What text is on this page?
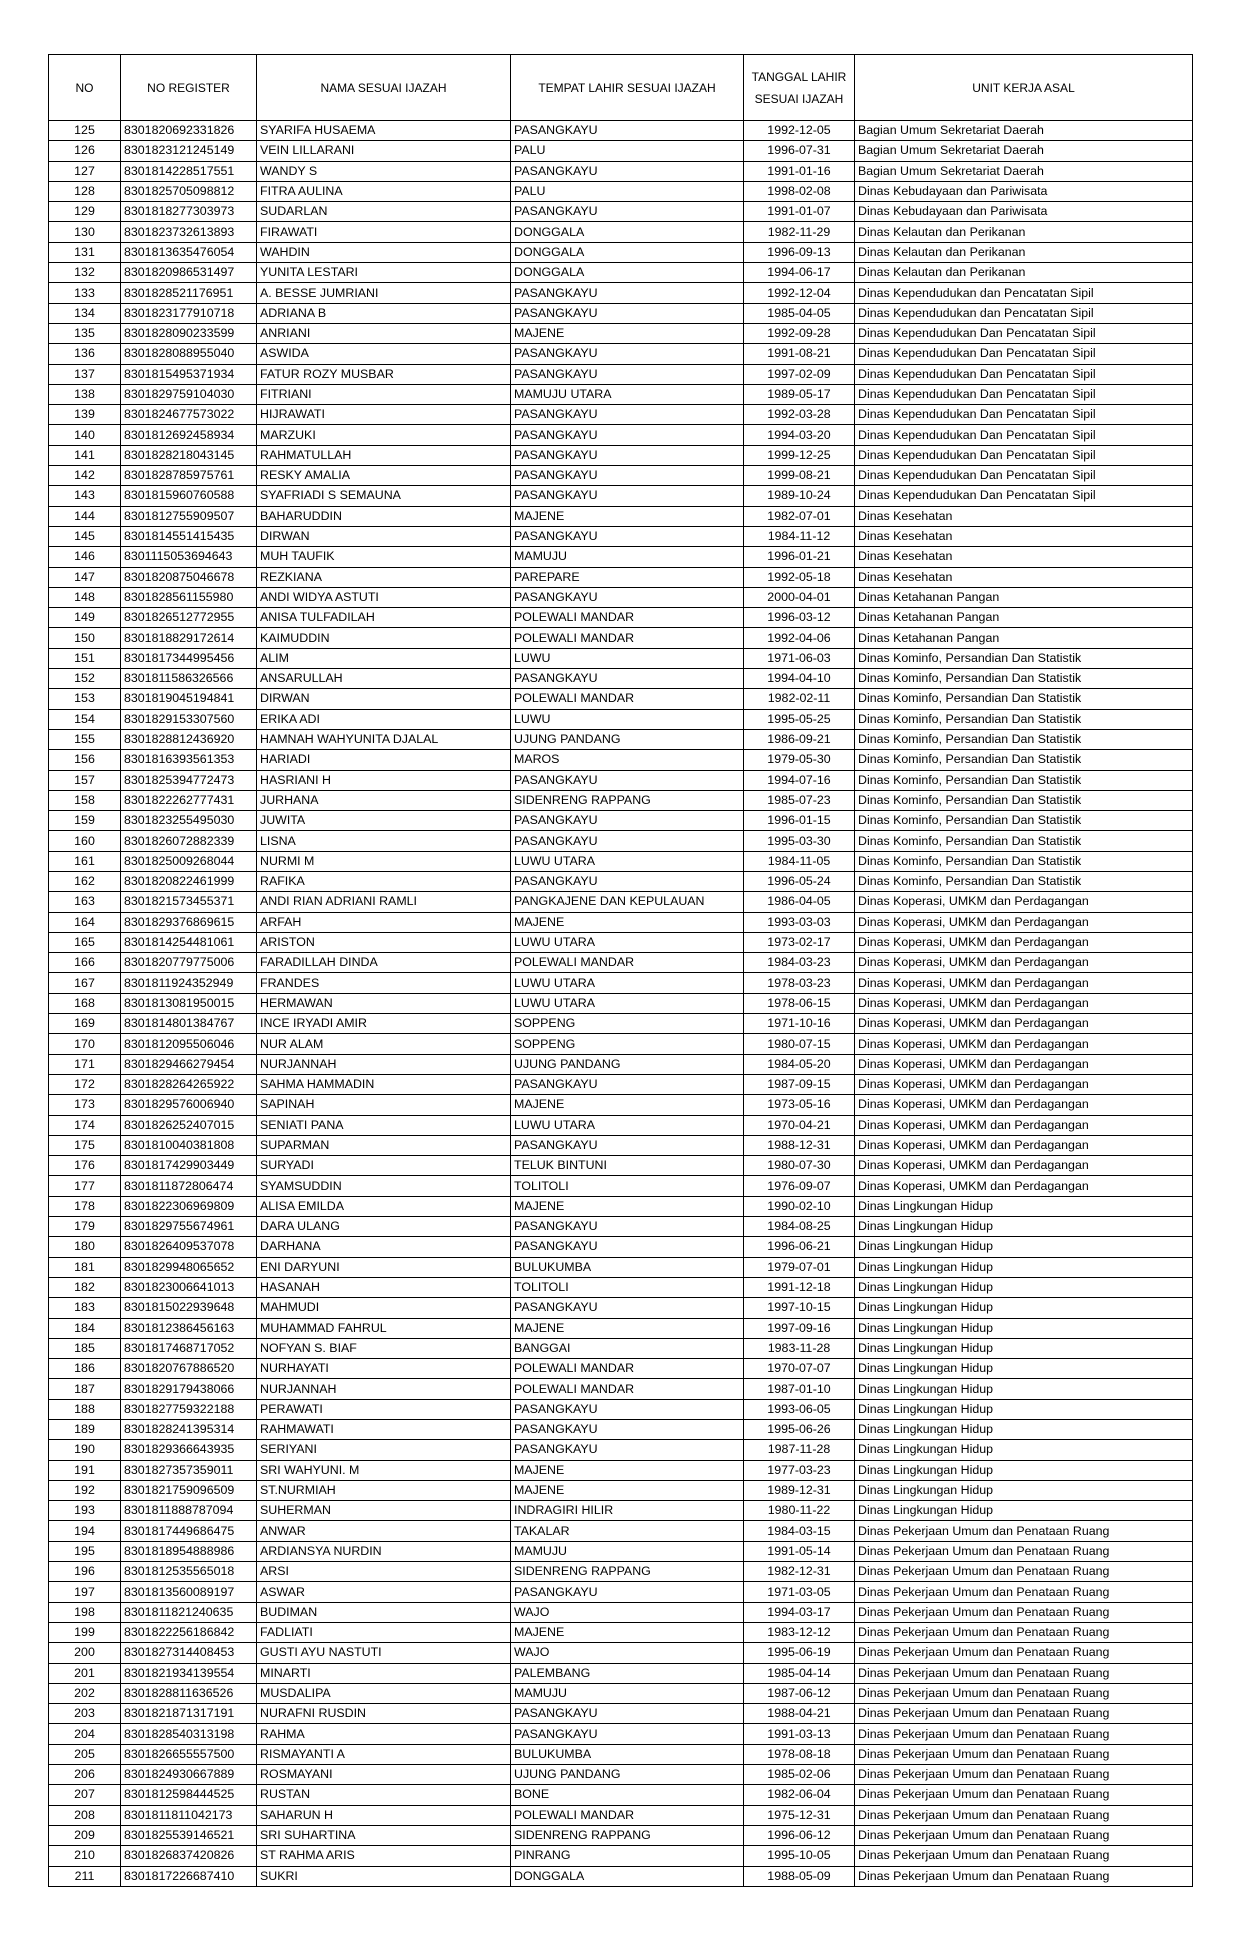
NO	NO REGISTER	NAMA SESUAI IJAZAH	TEMPAT LAHIR SESUAI IJAZAH	TANGGAL LAHIR SESUAI IJAZAH	UNIT KERJA ASAL
125	8301820692331826	SYARIFA HUSAEMA	PASANGKAYU	1992-12-05	Bagian Umum Sekretariat Daerah
126	8301823121245149	VEIN LILLARANI	PALU	1996-07-31	Bagian Umum Sekretariat Daerah
127	8301814228517551	WANDY S	PASANGKAYU	1991-01-16	Bagian Umum Sekretariat Daerah
128	8301825705098812	FITRA AULINA	PALU	1998-02-08	Dinas Kebudayaan dan Pariwisata
129	8301818277303973	SUDARLAN	PASANGKAYU	1991-01-07	Dinas Kebudayaan dan Pariwisata
130	8301823732613893	FIRAWATI	DONGGALA	1982-11-29	Dinas Kelautan dan Perikanan
131	8301813635476054	WAHDIN	DONGGALA	1996-09-13	Dinas Kelautan dan Perikanan
132	8301820986531497	YUNITA LESTARI	DONGGALA	1994-06-17	Dinas Kelautan dan Perikanan
133	8301828521176951	A. BESSE JUMRIANI	PASANGKAYU	1992-12-04	Dinas Kependudukan dan Pencatatan Sipil
134	8301823177910718	ADRIANA B	PASANGKAYU	1985-04-05	Dinas Kependudukan dan Pencatatan Sipil
135	8301828090233599	ANRIANI	MAJENE	1992-09-28	Dinas Kependudukan Dan Pencatatan Sipil
136	8301828088955040	ASWIDA	PASANGKAYU	1991-08-21	Dinas Kependudukan Dan Pencatatan Sipil
137	8301815495371934	FATUR ROZY MUSBAR	PASANGKAYU	1997-02-09	Dinas Kependudukan Dan Pencatatan Sipil
138	8301829759104030	FITRIANI	MAMUJU UTARA	1989-05-17	Dinas Kependudukan Dan Pencatatan Sipil
139	8301824677573022	HIJRAWATI	PASANGKAYU	1992-03-28	Dinas Kependudukan Dan Pencatatan Sipil
140	8301812692458934	MARZUKI	PASANGKAYU	1994-03-20	Dinas Kependudukan Dan Pencatatan Sipil
141	8301828218043145	RAHMATULLAH	PASANGKAYU	1999-12-25	Dinas Kependudukan Dan Pencatatan Sipil
142	8301828785975761	RESKY AMALIA	PASANGKAYU	1999-08-21	Dinas Kependudukan Dan Pencatatan Sipil
143	8301815960760588	SYAFRIADI S SEMAUNA	PASANGKAYU	1989-10-24	Dinas Kependudukan Dan Pencatatan Sipil
144	8301812755909507	BAHARUDDIN	MAJENE	1982-07-01	Dinas Kesehatan
145	8301814551415435	DIRWAN	PASANGKAYU	1984-11-12	Dinas Kesehatan
146	8301115053694643	MUH TAUFIK	MAMUJU	1996-01-21	Dinas Kesehatan
147	8301820875046678	REZKIANA	PAREPARE	1992-05-18	Dinas Kesehatan
148	8301828561155980	ANDI WIDYA ASTUTI	PASANGKAYU	2000-04-01	Dinas Ketahanan Pangan
149	8301826512772955	ANISA TULFADILAH	POLEWALI MANDAR	1996-03-12	Dinas Ketahanan Pangan
150	8301818829172614	KAIMUDDIN	POLEWALI MANDAR	1992-04-06	Dinas Ketahanan Pangan
151	8301817344995456	ALIM	LUWU	1971-06-03	Dinas Kominfo, Persandian Dan Statistik
152	8301811586326566	ANSARULLAH	PASANGKAYU	1994-04-10	Dinas Kominfo, Persandian Dan Statistik
153	8301819045194841	DIRWAN	POLEWALI MANDAR	1982-02-11	Dinas Kominfo, Persandian Dan Statistik
154	8301829153307560	ERIKA ADI	LUWU	1995-05-25	Dinas Kominfo, Persandian Dan Statistik
155	8301828812436920	HAMNAH WAHYUNITA DJALAL	UJUNG PANDANG	1986-09-21	Dinas Kominfo, Persandian Dan Statistik
156	8301816393561353	HARIADI	MAROS	1979-05-30	Dinas Kominfo, Persandian Dan Statistik
157	8301825394772473	HASRIANI H	PASANGKAYU	1994-07-16	Dinas Kominfo, Persandian Dan Statistik
158	8301822262777431	JURHANA	SIDENRENG RAPPANG	1985-07-23	Dinas Kominfo, Persandian Dan Statistik
159	8301823255495030	JUWITA	PASANGKAYU	1996-01-15	Dinas Kominfo, Persandian Dan Statistik
160	8301826072882339	LISNA	PASANGKAYU	1995-03-30	Dinas Kominfo, Persandian Dan Statistik
161	8301825009268044	NURMI M	LUWU UTARA	1984-11-05	Dinas Kominfo, Persandian Dan Statistik
162	8301820822461999	RAFIKA	PASANGKAYU	1996-05-24	Dinas Kominfo, Persandian Dan Statistik
163	8301821573455371	ANDI RIAN ADRIANI RAMLI	PANGKAJENE DAN KEPULAUAN	1986-04-05	Dinas Koperasi, UMKM dan Perdagangan
164	8301829376869615	ARFAH	MAJENE	1993-03-03	Dinas Koperasi, UMKM dan Perdagangan
165	8301814254481061	ARISTON	LUWU UTARA	1973-02-17	Dinas Koperasi, UMKM dan Perdagangan
166	8301820779775006	FARADILLAH DINDA	POLEWALI MANDAR	1984-03-23	Dinas Koperasi, UMKM dan Perdagangan
167	8301811924352949	FRANDES	LUWU UTARA	1978-03-23	Dinas Koperasi, UMKM dan Perdagangan
168	8301813081950015	HERMAWAN	LUWU UTARA	1978-06-15	Dinas Koperasi, UMKM dan Perdagangan
169	8301814801384767	INCE IRYADI AMIR	SOPPENG	1971-10-16	Dinas Koperasi, UMKM dan Perdagangan
170	8301812095506046	NUR ALAM	SOPPENG	1980-07-15	Dinas Koperasi, UMKM dan Perdagangan
171	8301829466279454	NURJANNAH	UJUNG PANDANG	1984-05-20	Dinas Koperasi, UMKM dan Perdagangan
172	8301828264265922	SAHMA HAMMADIN	PASANGKAYU	1987-09-15	Dinas Koperasi, UMKM dan Perdagangan
173	8301829576006940	SAPINAH	MAJENE	1973-05-16	Dinas Koperasi, UMKM dan Perdagangan
174	8301826252407015	SENIATI PANA	LUWU UTARA	1970-04-21	Dinas Koperasi, UMKM dan Perdagangan
175	8301810040381808	SUPARMAN	PASANGKAYU	1988-12-31	Dinas Koperasi, UMKM dan Perdagangan
176	8301817429903449	SURYADI	TELUK BINTUNI	1980-07-30	Dinas Koperasi, UMKM dan Perdagangan
177	8301811872806474	SYAMSUDDIN	TOLITOLI	1976-09-07	Dinas Koperasi, UMKM dan Perdagangan
178	8301822306969809	ALISA EMILDA	MAJENE	1990-02-10	Dinas Lingkungan Hidup
179	8301829755674961	DARA ULANG	PASANGKAYU	1984-08-25	Dinas Lingkungan Hidup
180	8301826409537078	DARHANA	PASANGKAYU	1996-06-21	Dinas Lingkungan Hidup
181	8301829948065652	ENI DARYUNI	BULUKUMBA	1979-07-01	Dinas Lingkungan Hidup
182	8301823006641013	HASANAH	TOLITOLI	1991-12-18	Dinas Lingkungan Hidup
183	8301815022939648	MAHMUDI	PASANGKAYU	1997-10-15	Dinas Lingkungan Hidup
184	8301812386456163	MUHAMMAD FAHRUL	MAJENE	1997-09-16	Dinas Lingkungan Hidup
185	8301817468717052	NOFYAN S. BIAF	BANGGAI	1983-11-28	Dinas Lingkungan Hidup
186	8301820767886520	NURHAYATI	POLEWALI MANDAR	1970-07-07	Dinas Lingkungan Hidup
187	8301829179438066	NURJANNAH	POLEWALI MANDAR	1987-01-10	Dinas Lingkungan Hidup
188	8301827759322188	PERAWATI	PASANGKAYU	1993-06-05	Dinas Lingkungan Hidup
189	8301828241395314	RAHMAWATI	PASANGKAYU	1995-06-26	Dinas Lingkungan Hidup
190	8301829366643935	SERIYANI	PASANGKAYU	1987-11-28	Dinas Lingkungan Hidup
191	8301827357359011	SRI WAHYUNI. M	MAJENE	1977-03-23	Dinas Lingkungan Hidup
192	8301821759096509	ST.NURMIAH	MAJENE	1989-12-31	Dinas Lingkungan Hidup
193	8301811888787094	SUHERMAN	INDRAGIRI HILIR	1980-11-22	Dinas Lingkungan Hidup
194	8301817449686475	ANWAR	TAKALAR	1984-03-15	Dinas Pekerjaan Umum dan Penataan Ruang
195	8301818954888986	ARDIANSYA NURDIN	MAMUJU	1991-05-14	Dinas Pekerjaan Umum dan Penataan Ruang
196	8301812535565018	ARSI	SIDENRENG RAPPANG	1982-12-31	Dinas Pekerjaan Umum dan Penataan Ruang
197	8301813560089197	ASWAR	PASANGKAYU	1971-03-05	Dinas Pekerjaan Umum dan Penataan Ruang
198	8301811821240635	BUDIMAN	WAJO	1994-03-17	Dinas Pekerjaan Umum dan Penataan Ruang
199	8301822256186842	FADLIATI	MAJENE	1983-12-12	Dinas Pekerjaan Umum dan Penataan Ruang
200	8301827314408453	GUSTI AYU NASTUTI	WAJO	1995-06-19	Dinas Pekerjaan Umum dan Penataan Ruang
201	8301821934139554	MINARTI	PALEMBANG	1985-04-14	Dinas Pekerjaan Umum dan Penataan Ruang
202	8301828811636526	MUSDALIPA	MAMUJU	1987-06-12	Dinas Pekerjaan Umum dan Penataan Ruang
203	8301821871317191	NURAFNI RUSDIN	PASANGKAYU	1988-04-21	Dinas Pekerjaan Umum dan Penataan Ruang
204	8301828540313198	RAHMA	PASANGKAYU	1991-03-13	Dinas Pekerjaan Umum dan Penataan Ruang
205	8301826655557500	RISMAYANTI A	BULUKUMBA	1978-08-18	Dinas Pekerjaan Umum dan Penataan Ruang
206	8301824930667889	ROSMAYANI	UJUNG PANDANG	1985-02-06	Dinas Pekerjaan Umum dan Penataan Ruang
207	8301812598444525	RUSTAN	BONE	1982-06-04	Dinas Pekerjaan Umum dan Penataan Ruang
208	8301811811042173	SAHARUN H	POLEWALI MANDAR	1975-12-31	Dinas Pekerjaan Umum dan Penataan Ruang
209	8301825539146521	SRI SUHARTINA	SIDENRENG RAPPANG	1996-06-12	Dinas Pekerjaan Umum dan Penataan Ruang
210	8301826837420826	ST RAHMA ARIS	PINRANG	1995-10-05	Dinas Pekerjaan Umum dan Penataan Ruang
211	8301817226687410	SUKRI	DONGGALA	1988-05-09	Dinas Pekerjaan Umum dan Penataan Ruang
